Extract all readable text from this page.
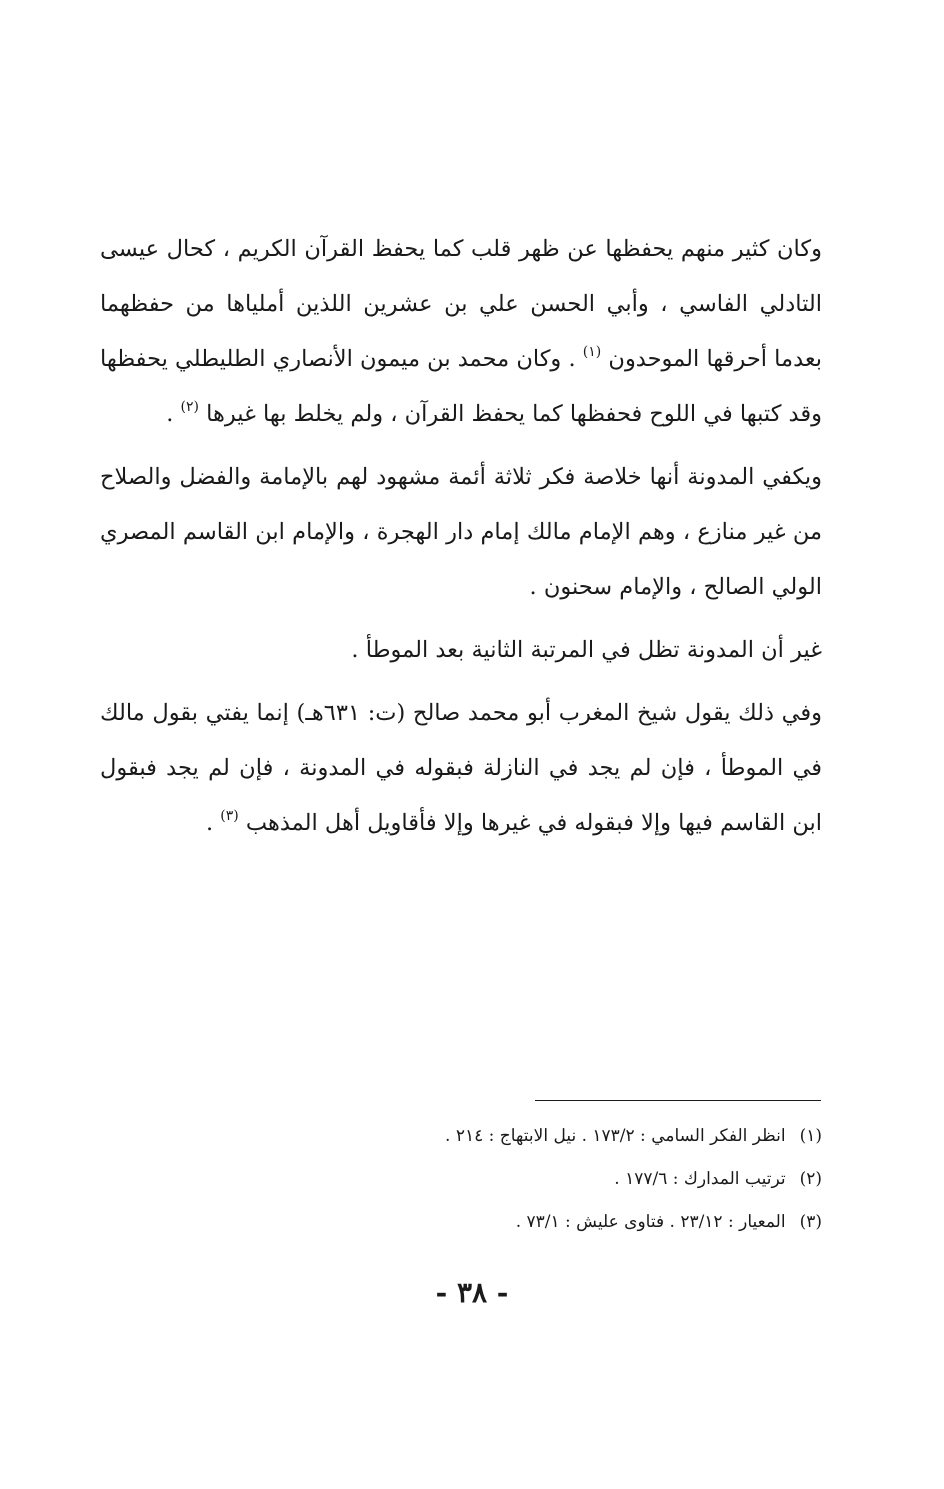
وكان كثير منهم يحفظها عن ظهر قلب كما يحفظ القرآن الكريم ، كحال عيسى التادلي الفاسي ، وأبي الحسن علي بن عشرين اللذين أملياها من حفظهما بعدما أحرقها الموحدون $^{(١)}$ . وكان محمد بن ميمون الأنصاري الطليطلي يحفظها وقد كتبها في اللوح فحفظها كما يحفظ القرآن ، ولم يخلط بها غيرها $^{(٢)}$ .

ويكفي المدونة أنها خلاصة فكر ثلاثة أئمة مشهود لهم بالإمامة والفضل والصلاح من غير منازع ، وهم الإمام مالك إمام دار الهجرة ، والإمام ابن القاسم المصري الولي الصالح ، والإمام سحنون .

غير أن المدونة تظل في المرتبة الثانية بعد الموطأ .

وفي ذلك يقول شيخ المغرب أبو محمد صالح (ت: ٦٣١هـ) إنما يفتي بقول مالك في الموطأ ، فإن لم يجد في النازلة فبقوله في المدونة ، فإن لم يجد فبقول ابن القاسم فيها وإلا فبقوله في غيرها وإلا فأقاويل أهل المذهب $^{(٣)}$ .

(١)انظر الفكر السامي : ١٧٣/٢ . نيل الابتهاج : ٢١٤ .
(٢)ترتيب المدارك : ١٧٧/٦ .
(٣)المعيار : ٢٣/١٢ . فتاوى عليش : ٧٣/١ .
- ٣٨ -
